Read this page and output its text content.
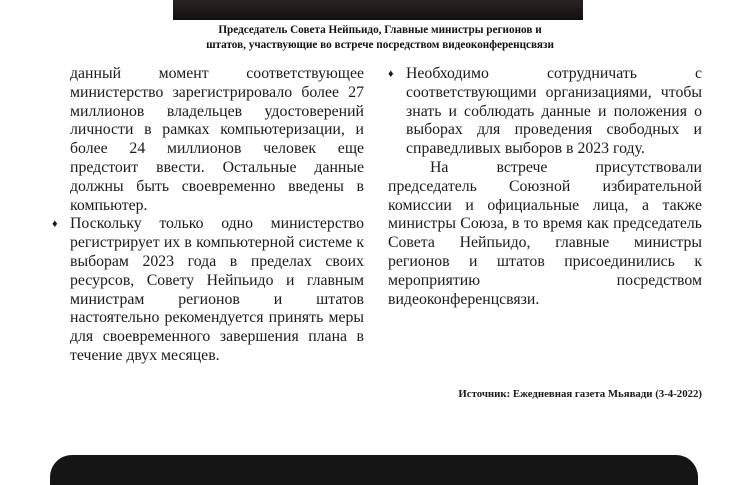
Председатель Совета Нейпьидо, Главные министры регионов и
штатов, участвующие во встрече посредством видеоконференцсвязи

данный момент соответствующее министерство зарегистрировало более 27 миллионов владельцев удостоверений личности в рамках компьютеризации, и более 24 миллионов человек еще предстоит ввести. Остальные данные должны быть своевременно введены в компьютер.

♦ Поскольку только одно министерство регистрирует их в компьютерной системе к выборам 2023 года в пределах своих ресурсов, Совету Нейпьидо и главным министрам регионов и штатов настоятельно рекомендуется принять меры для своевременного завершения плана в течение двух месяцев.

♦ Необходимо сотрудничать с соответствующими организациями, чтобы знать и соблюдать данные и положения о выборах для проведения свободных и справедливых выборов в 2023 году.

На встрече присутствовали председатель Союзной избирательной комиссии и официальные лица, а также министры Союза, в то время как председатель Совета Нейпьидо, главные министры регионов и штатов присоединились к мероприятию посредством видеоконференцсвязи.

Источник: Ежедневная газета Мьявади (3-4-2022)
